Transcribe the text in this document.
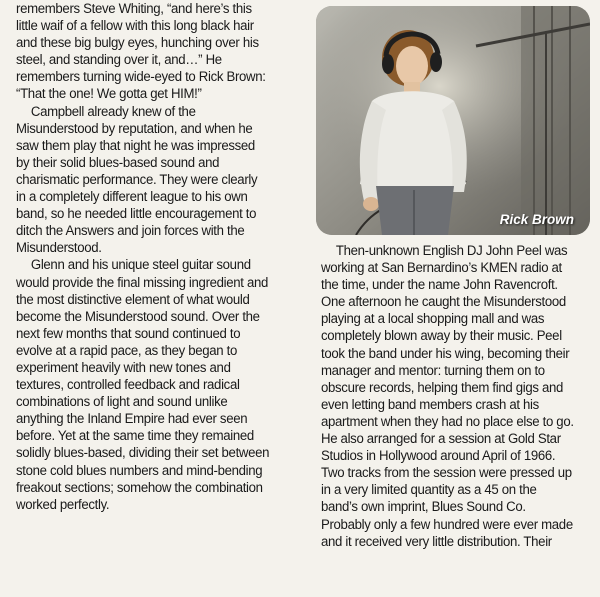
remembers Steve Whiting, “and here’s this
little waif of a fellow with this long black hair
and these big bulgy eyes, hunching over his
steel, and standing over it, and…” He
remembers turning wide-eyed to Rick Brown:
“That the one! We gotta get HIM!”
Campbell already knew of the
Misunderstood by reputation, and when he
saw them play that night he was impressed
by their solid blues-based sound and
charismatic performance. They were clearly
in a completely different league to his own
band, so he needed little encouragement to
ditch the Answers and join forces with the
Misunderstood.
Glenn and his unique steel guitar sound
would provide the final missing ingredient and
the most distinctive element of what would
become the Misunderstood sound. Over the
next few months that sound continued to
evolve at a rapid pace, as they began to
experiment heavily with new tones and
textures, controlled feedback and radical
combinations of light and sound unlike
anything the Inland Empire had ever seen
before. Yet at the same time they remained
solidly blues-based, dividing their set between
stone cold blues numbers and mind-bending
freakout sections; somehow the combination
worked perfectly.
Rick Brown
Then-unknown English DJ John Peel was
working at San Bernardino’s KMEN radio at
the time, under the name John Ravencroft.
One afternoon he caught the Misunderstood
playing at a local shopping mall and was
completely blown away by their music. Peel
took the band under his wing, becoming their
manager and mentor: turning them on to
obscure records, helping them find gigs and
even letting band members crash at his
apartment when they had no place else to go.
He also arranged for a session at Gold Star
Studios in Hollywood around April of 1966.
Two tracks from the session were pressed up
in a very limited quantity as a 45 on the
band’s own imprint, Blues Sound Co.
Probably only a few hundred were ever made
and it received very little distribution. Their
